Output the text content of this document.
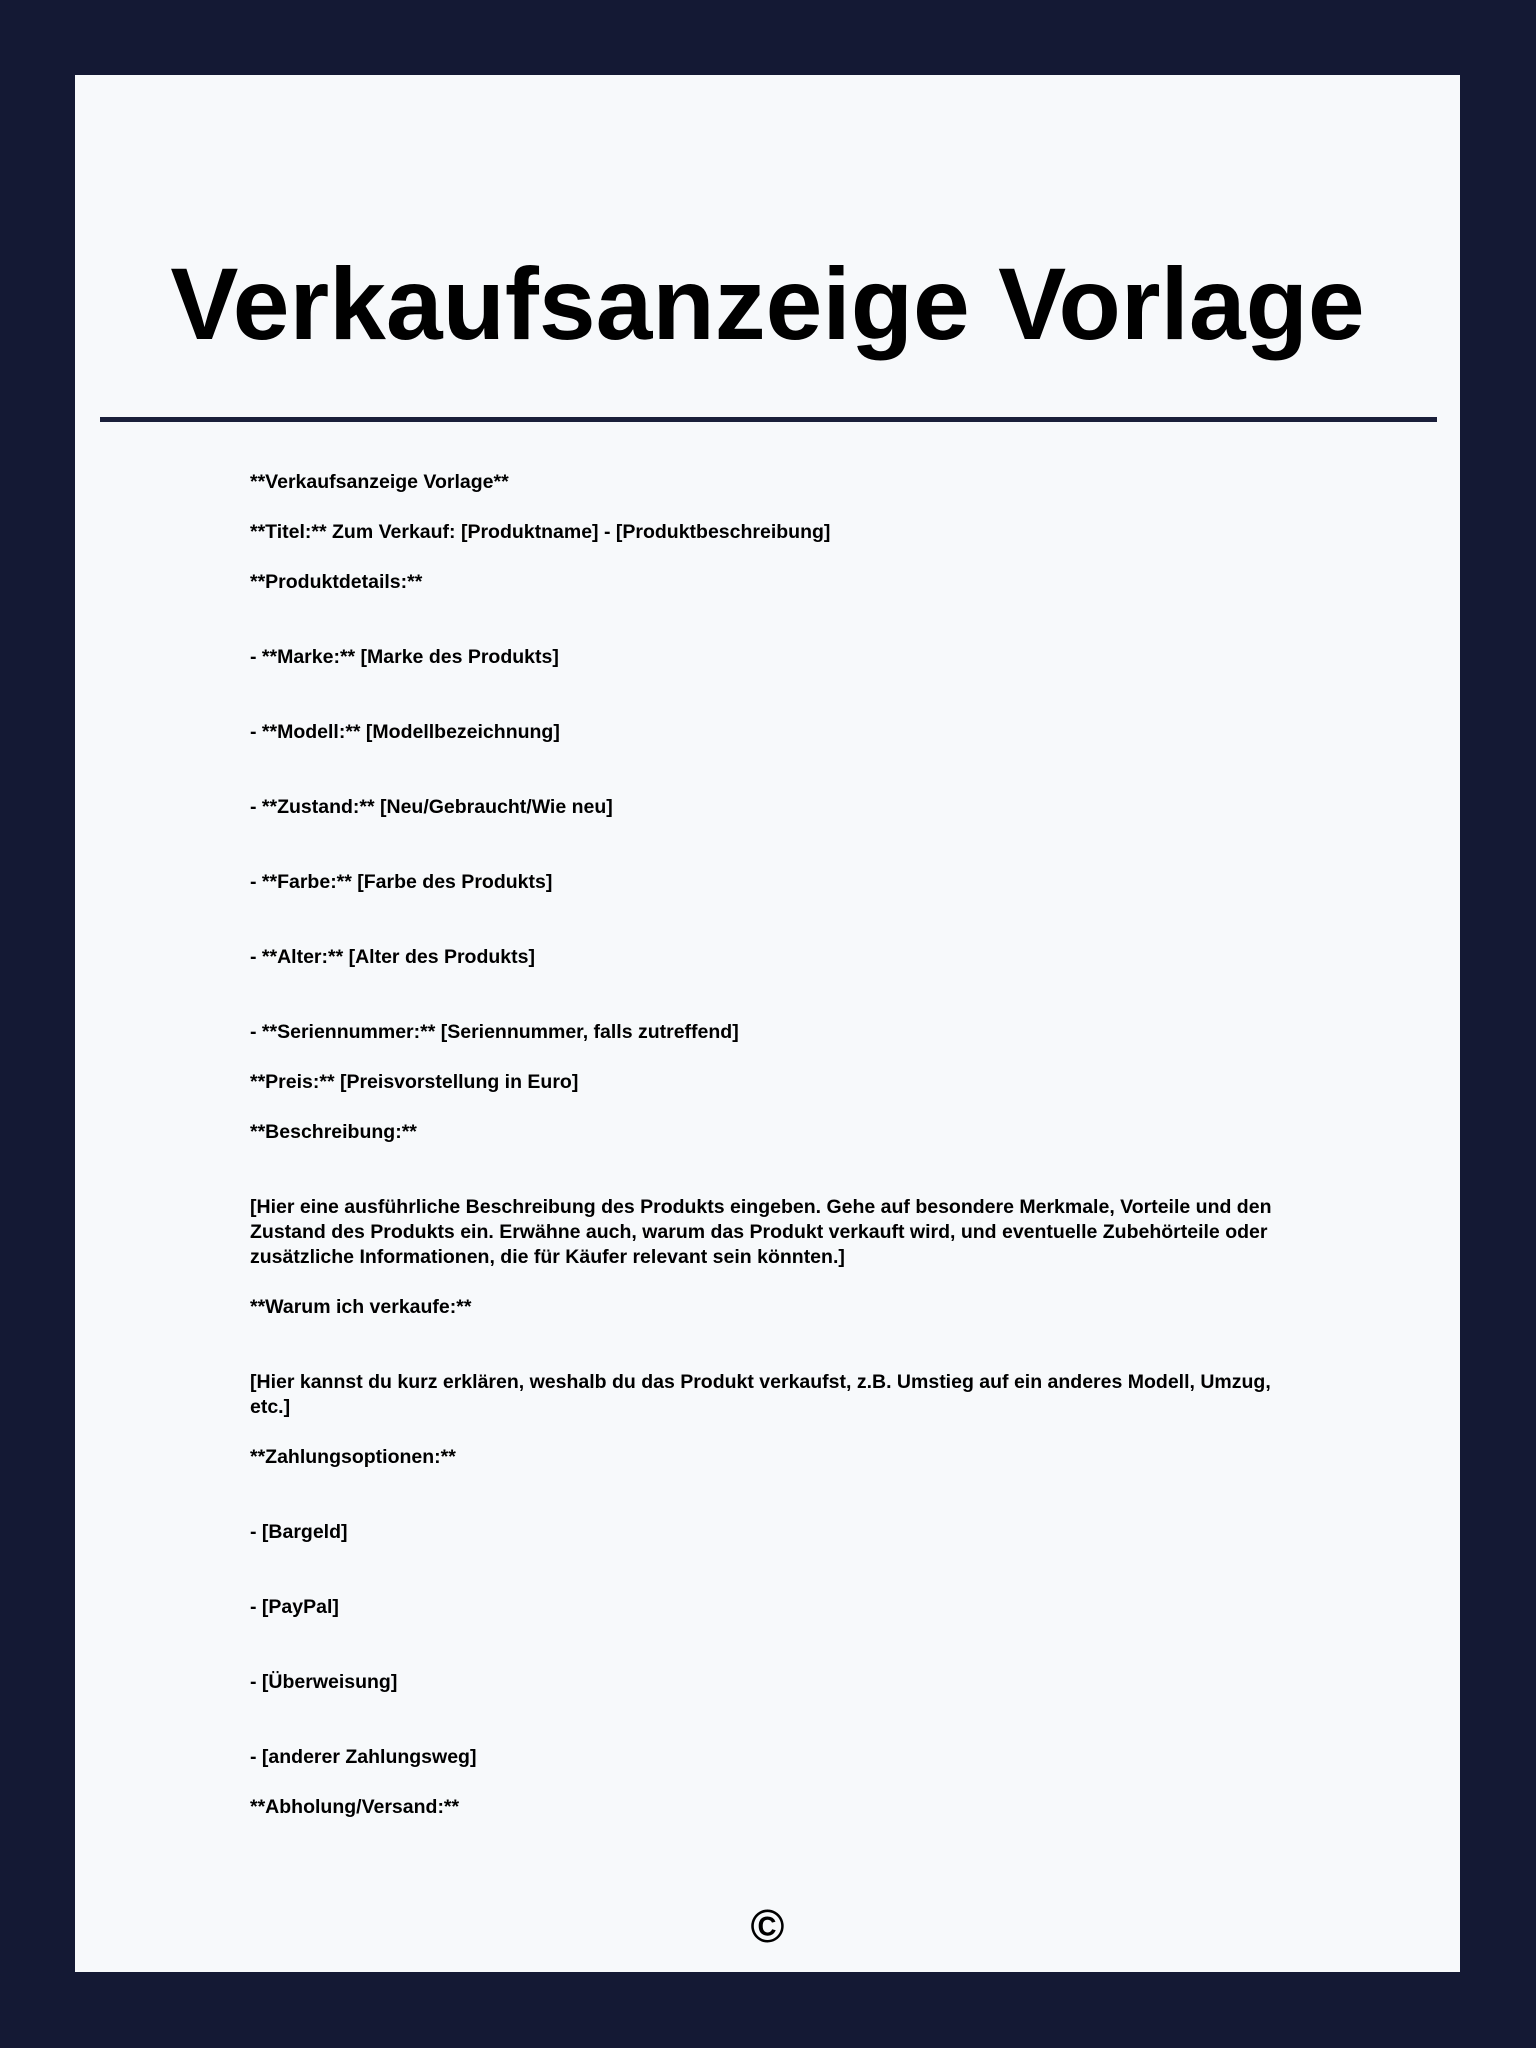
Verkaufsanzeige Vorlage
**Verkaufsanzeige Vorlage**
**Titel:** Zum Verkauf: [Produktname] - [Produktbeschreibung]
**Produktdetails:**
- **Marke:** [Marke des Produkts]
- **Modell:** [Modellbezeichnung]
- **Zustand:** [Neu/Gebraucht/Wie neu]
- **Farbe:** [Farbe des Produkts]
- **Alter:** [Alter des Produkts]
- **Seriennummer:** [Seriennummer, falls zutreffend]
**Preis:** [Preisvorstellung in Euro]
**Beschreibung:**
[Hier eine ausführliche Beschreibung des Produkts eingeben. Gehe auf besondere Merkmale, Vorteile und den Zustand des Produkts ein. Erwähne auch, warum das Produkt verkauft wird, und eventuelle Zubehörteile oder zusätzliche Informationen, die für Käufer relevant sein könnten.]
**Warum ich verkaufe:**
[Hier kannst du kurz erklären, weshalb du das Produkt verkaufst, z.B. Umstieg auf ein anderes Modell, Umzug, etc.]
**Zahlungsoptionen:**
- [Bargeld]
- [PayPal]
- [Überweisung]
- [anderer Zahlungsweg]
**Abholung/Versand:**
©
